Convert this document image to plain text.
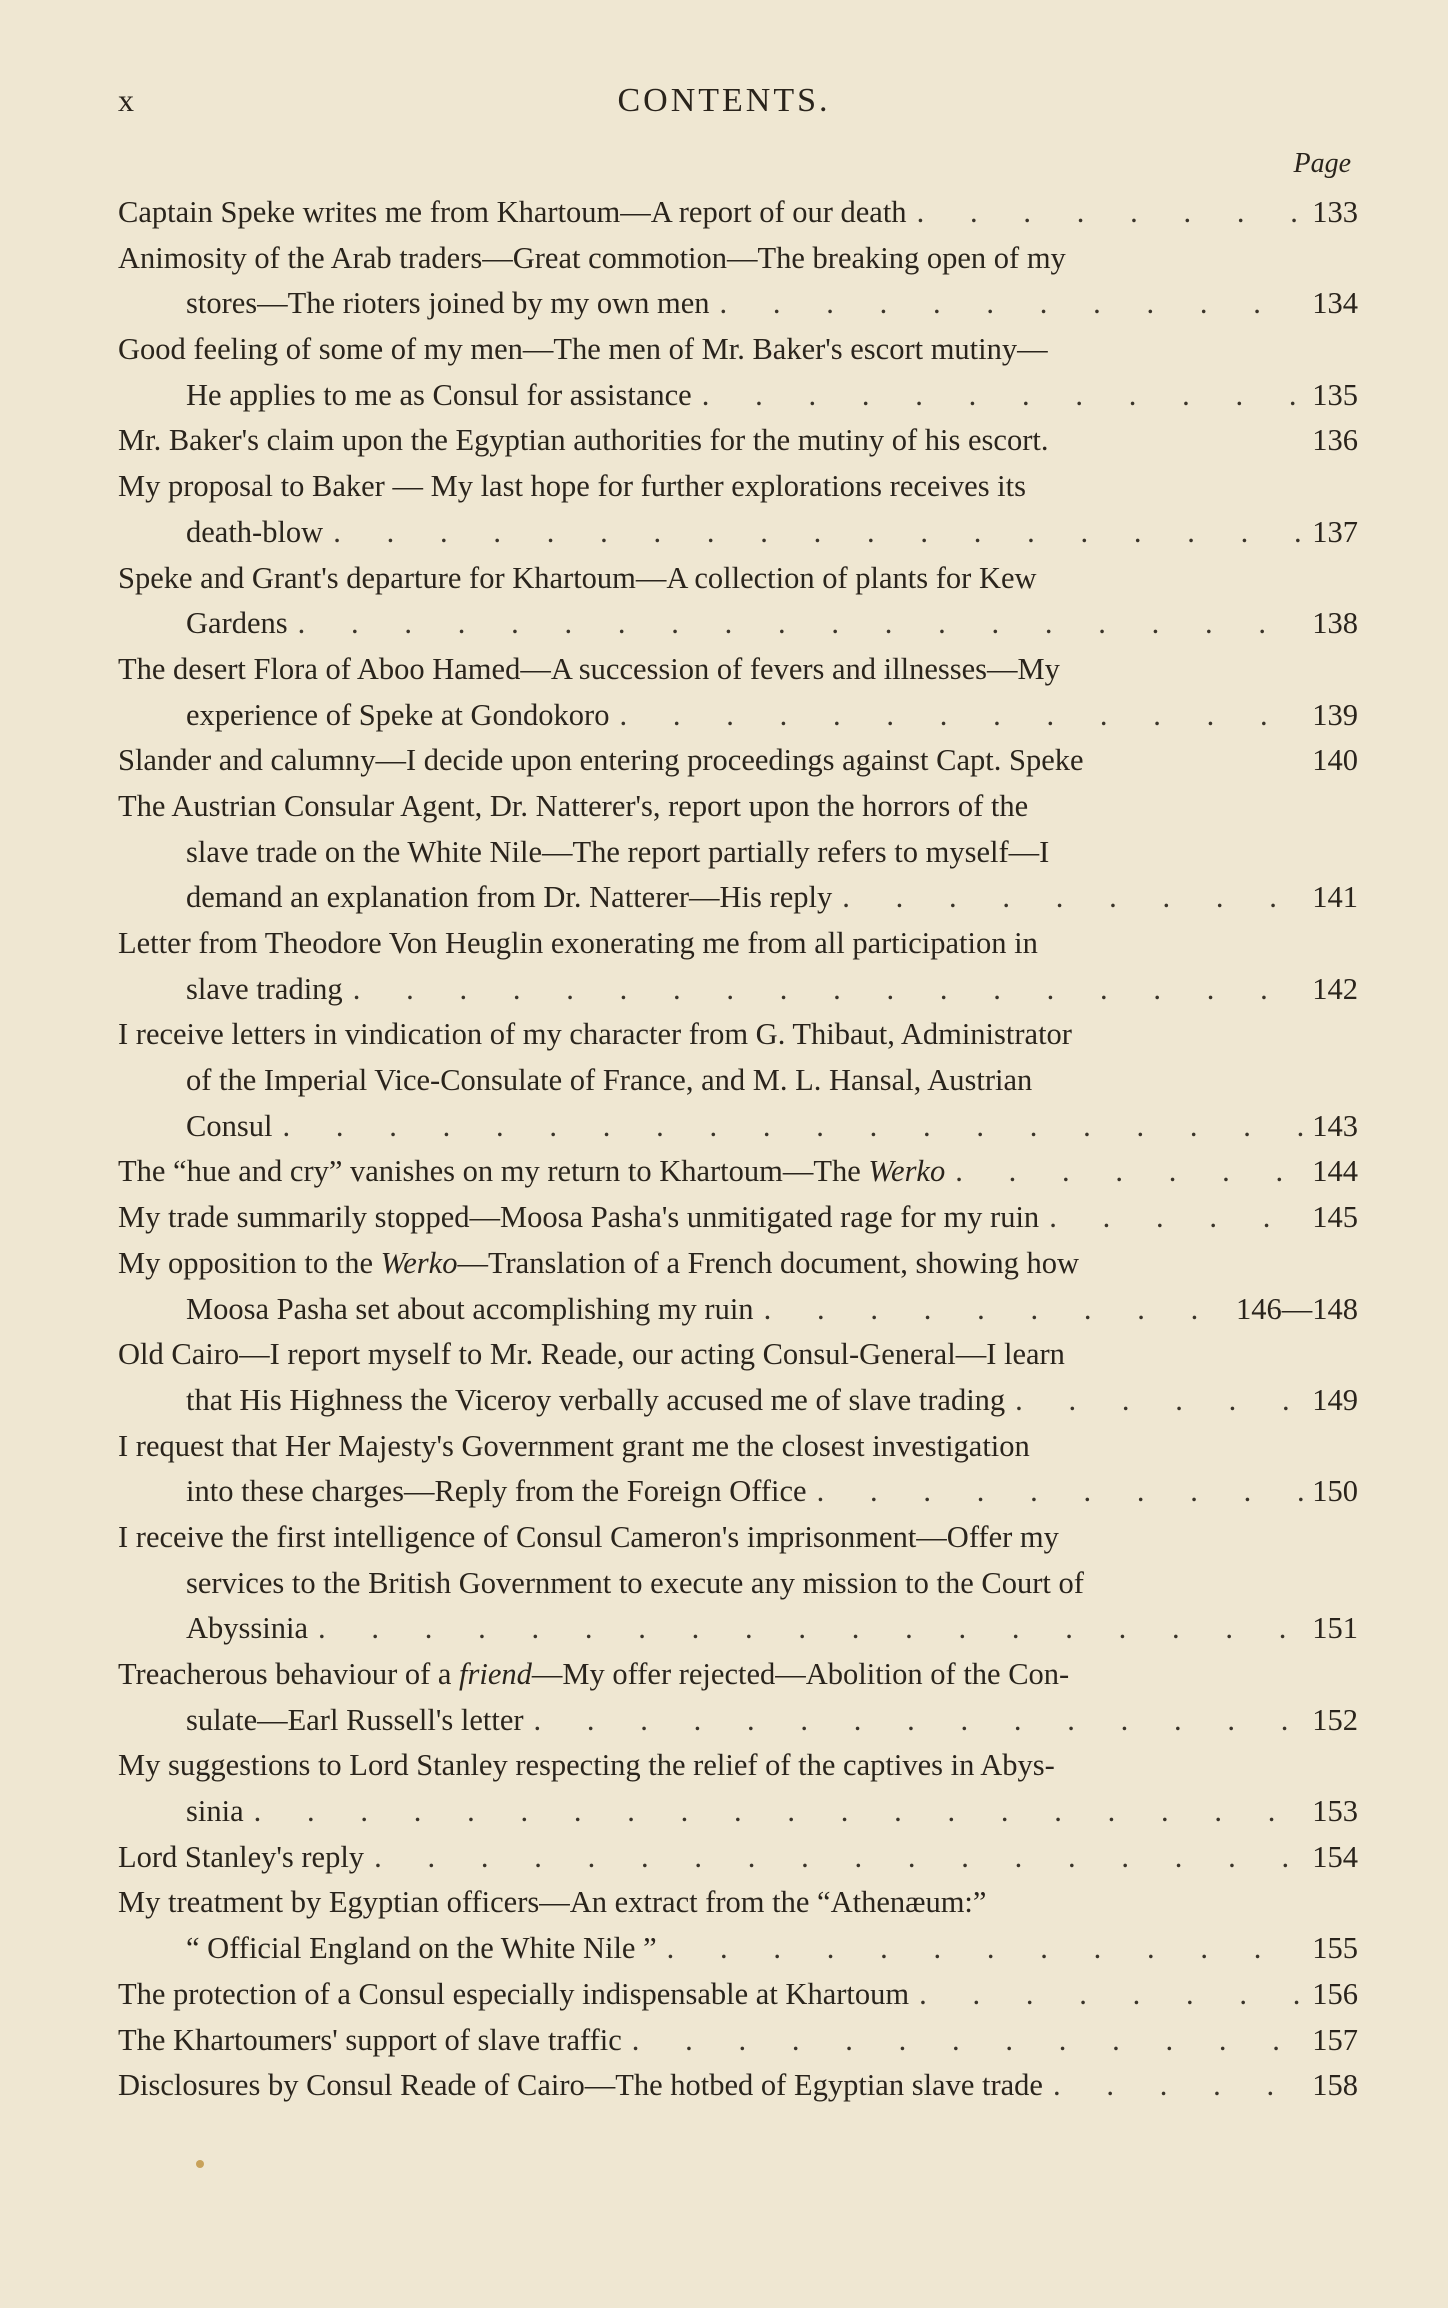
x	CONTENTS.
Page
Captain Speke writes me from Khartoum—A report of our death .	133
Animosity of the Arab traders—Great commotion—The breaking open of my
stores—The rioters joined by my own men .	134
Good feeling of some of my men—The men of Mr. Baker's escort mutiny—
He applies to me as Consul for assistance .	135
Mr. Baker's claim upon the Egyptian authorities for the mutiny of his escort.	136
My proposal to Baker — My last hope for further explorations receives its
death-blow .	137
Speke and Grant's departure for Khartoum—A collection of plants for Kew
Gardens .	138
The desert Flora of Aboo Hamed—A succession of fevers and illnesses—My
experience of Speke at Gondokoro .	139
Slander and calumny—I decide upon entering proceedings against Capt. Speke	140
The Austrian Consular Agent, Dr. Natterer's, report upon the horrors of the
slave trade on the White Nile—The report partially refers to myself—I
demand an explanation from Dr. Natterer—His reply .	141
Letter from Theodore Von Heuglin exonerating me from all participation in
slave trading .	142
I receive letters in vindication of my character from G. Thibaut, Administrator
of the Imperial Vice-Consulate of France, and M. L. Hansal, Austrian
Consul .	143
The “hue and cry” vanishes on my return to Khartoum—The Werko .	144
My trade summarily stopped—Moosa Pasha's unmitigated rage for my ruin .	145
My opposition to the Werko—Translation of a French document, showing how
Moosa Pasha set about accomplishing my ruin .	146—148
Old Cairo—I report myself to Mr. Reade, our acting Consul-General—I learn
that His Highness the Viceroy verbally accused me of slave trading .	149
I request that Her Majesty's Government grant me the closest investigation
into these charges—Reply from the Foreign Office .	150
I receive the first intelligence of Consul Cameron's imprisonment—Offer my
services to the British Government to execute any mission to the Court of
Abyssinia .	151
Treacherous behaviour of a friend—My offer rejected—Abolition of the Con-
sulate—Earl Russell's letter .	152
My suggestions to Lord Stanley respecting the relief of the captives in Abys-
sinia .	153
Lord Stanley's reply .	154
My treatment by Egyptian officers—An extract from the “Athenæum:”
“ Official England on the White Nile ” .	155
The protection of a Consul especially indispensable at Khartoum .	156
The Khartoumers' support of slave traffic .	157
Disclosures by Consul Reade of Cairo—The hotbed of Egyptian slave trade .	158
